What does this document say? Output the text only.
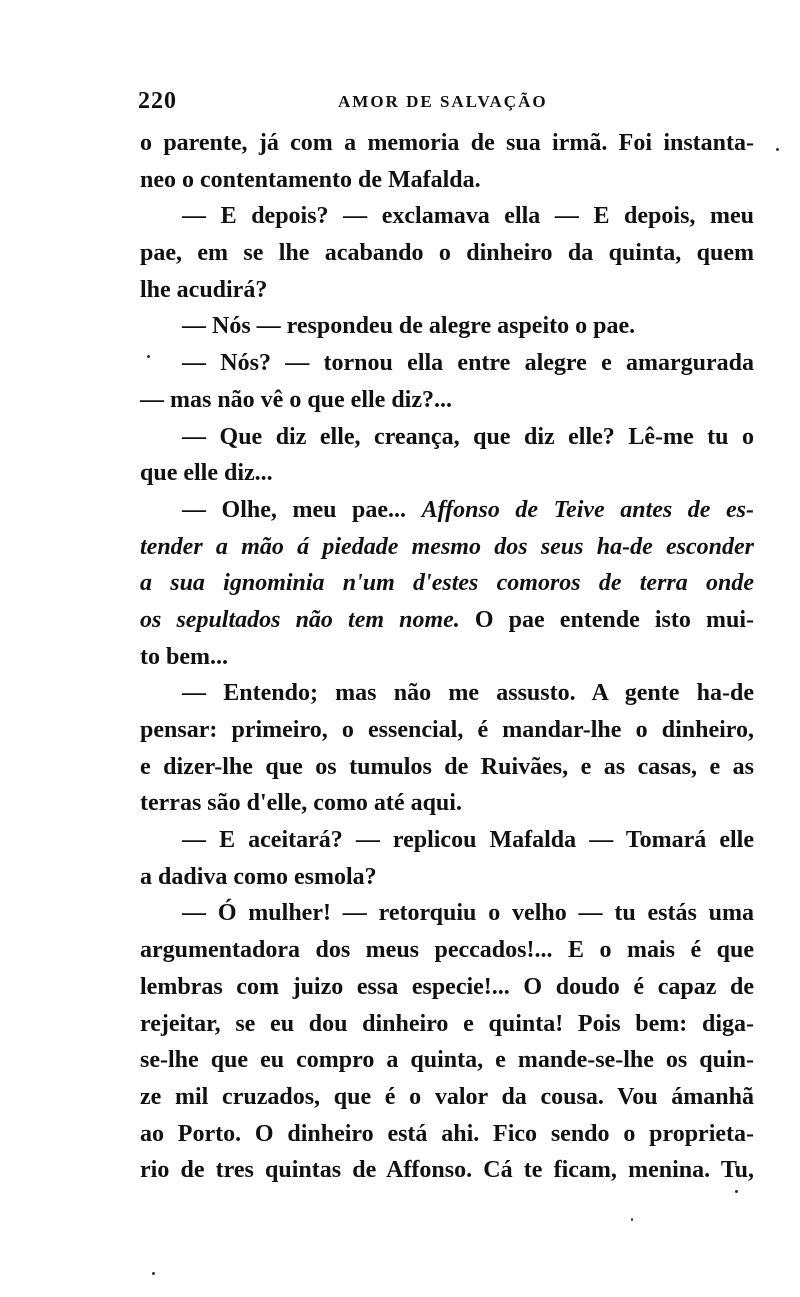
220	AMOR DE SALVAÇÃO
o parente, já com a memoria de sua irmã. Foi instanta-
neo o contentamento de Mafalda.
— E depois? — exclamava ella — E depois, meu
pae, em se lhe acabando o dinheiro da quinta, quem
lhe acudirá?
— Nós — respondeu de alegre aspeito o pae.
— Nós? — tornou ella entre alegre e amargurada
— mas não vê o que elle diz?...
— Que diz elle, creança, que diz elle? Lê-me tu o
que elle diz...
— Olhe, meu pae... Affonso de Teive antes de es-
tender a mão á piedade mesmo dos seus ha-de esconder
a sua ignominia n'um d'estes comoros de terra onde
os sepultados não tem nome. O pae entende isto mui-
to bem...
— Entendo; mas não me assusto. A gente ha-de
pensar: primeiro, o essencial, é mandar-lhe o dinheiro,
e dizer-lhe que os tumulos de Ruivães, e as casas, e as
terras são d'elle, como até aqui.
— E aceitará? — replicou Mafalda — Tomará elle
a dadiva como esmola?
— Ó mulher! — retorquiu o velho — tu estás uma
argumentadora dos meus peccados!... E o mais é que
lembras com juizo essa especie!... O doudo é capaz de
rejeitar, se eu dou dinheiro e quinta! Pois bem: diga-
se-lhe que eu compro a quinta, e mande-se-lhe os quin-
ze mil cruzados, que é o valor da cousa. Vou ámanhã
ao Porto. O dinheiro está ahi. Fico sendo o proprieta-
rio de tres quintas de Affonso. Cá te ficam, menina. Tu,
